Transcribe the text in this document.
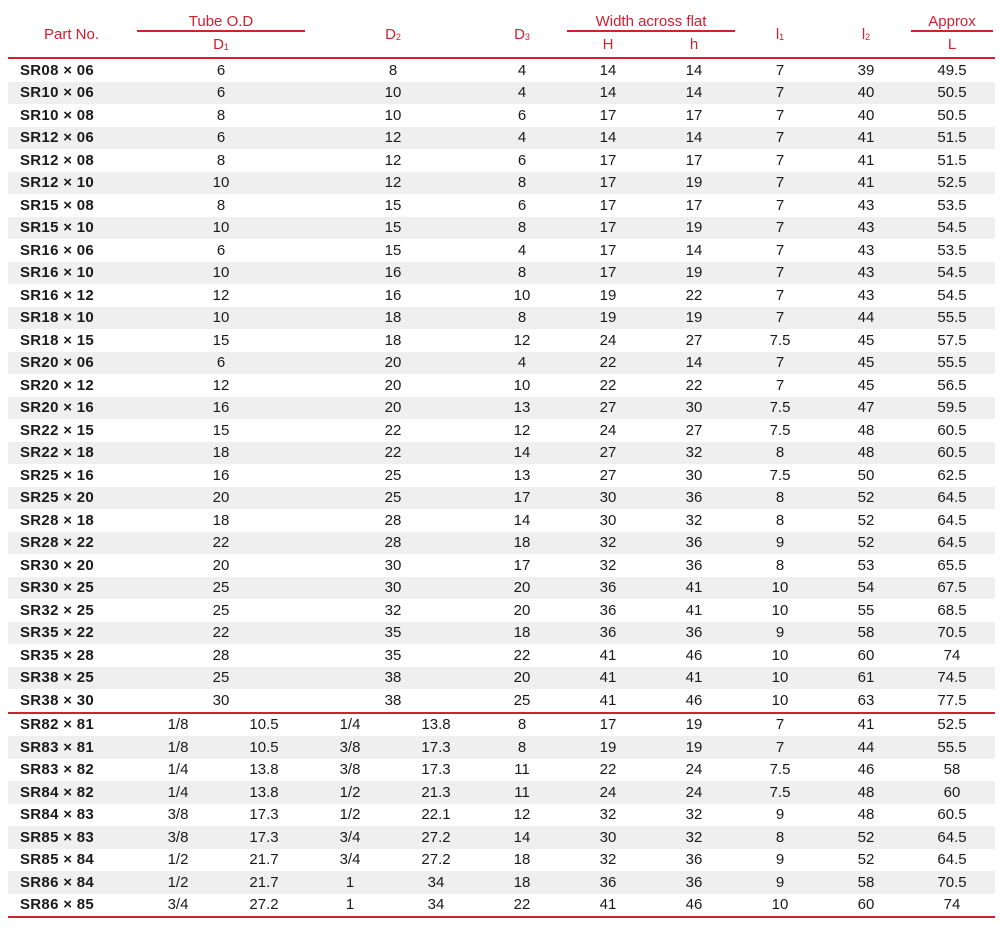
Part No.	Tube O.D		$D_2$		$D_3$	Width across flat		$l_1$	$l_2$	Approx

	$D_1$					H	h			L

SR08 × 06	6		8		4	14	14	7	39	49.5
SR10 × 06	6		10		4	14	14	7	40	50.5
SR10 × 08	8		10		6	17	17	7	40	50.5
SR12 × 06	6		12		4	14	14	7	41	51.5
SR12 × 08	8		12		6	17	17	7	41	51.5
SR12 × 10	10		12		8	17	19	7	41	52.5
SR15 × 08	8		15		6	17	17	7	43	53.5
SR15 × 10	10		15		8	17	19	7	43	54.5
SR16 × 06	6		15		4	17	14	7	43	53.5
SR16 × 10	10		16		8	17	19	7	43	54.5
SR16 × 12	12		16		10	19	22	7	43	54.5
SR18 × 10	10		18		8	19	19	7	44	55.5
SR18 × 15	15		18		12	24	27	7.5	45	57.5
SR20 × 06	6		20		4	22	14	7	45	55.5
SR20 × 12	12		20		10	22	22	7	45	56.5
SR20 × 16	16		20		13	27	30	7.5	47	59.5
SR22 × 15	15		22		12	24	27	7.5	48	60.5
SR22 × 18	18		22		14	27	32	8	48	60.5
SR25 × 16	16		25		13	27	30	7.5	50	62.5
SR25 × 20	20		25		17	30	36	8	52	64.5
SR28 × 18	18		28		14	30	32	8	52	64.5
SR28 × 22	22		28		18	32	36	9	52	64.5
SR30 × 20	20		30		17	32	36	8	53	65.5
SR30 × 25	25		30		20	36	41	10	54	67.5
SR32 × 25	25		32		20	36	41	10	55	68.5
SR35 × 22	22		35		18	36	36	9	58	70.5
SR35 × 28	28		35		22	41	46	10	60	74
SR38 × 25	25		38		20	41	41	10	61	74.5
SR38 × 30	30		38		25	41	46	10	63	77.5
SR82 × 81	1/8	10.5	1/4	13.8	8	17	19	7	41	52.5
SR83 × 81	1/8	10.5	3/8	17.3	8	19	19	7	44	55.5
SR83 × 82	1/4	13.8	3/8	17.3	11	22	24	7.5	46	58
SR84 × 82	1/4	13.8	1/2	21.3	11	24	24	7.5	48	60
SR84 × 83	3/8	17.3	1/2	22.1	12	32	32	9	48	60.5
SR85 × 83	3/8	17.3	3/4	27.2	14	30	32	8	52	64.5
SR85 × 84	1/2	21.7	3/4	27.2	18	32	36	9	52	64.5
SR86 × 84	1/2	21.7	1	34	18	36	36	9	58	70.5
SR86 × 85	3/4	27.2	1	34	22	41	46	10	60	74
